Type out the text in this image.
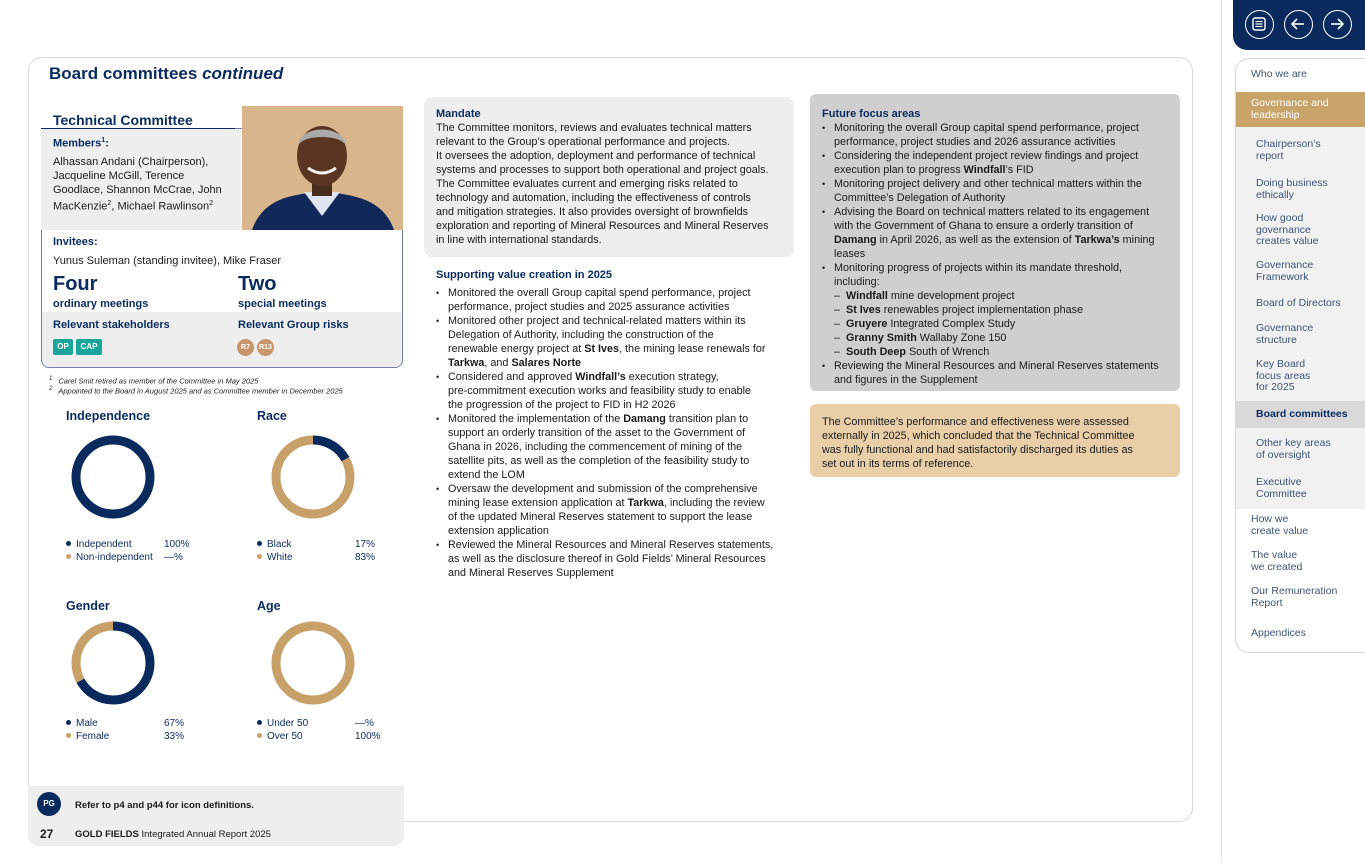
Board committees continued
Technical Committee
Members$^1$:
Alhassan Andani (Chairperson),
Jacqueline McGill, Terence
Goodlace, Shannon McCrae, John
MacKenzie$^2$, Michael Rawlinson$^2$
Invitees:
Yunus Suleman (standing invitee), Mike Fraser
Four
ordinary meetings
Two
special meetings
Relevant stakeholders	Relevant Group risks
OP	CAP	R7	R13
$^1$ Carel Smit retired as member of the Committee in May 2025
$^2$ Appointed to the Board in August 2025 and as Committee member in December 2025
Independence
Independent	100%
Non-independent —%
Race
Black	17%
White	83%
Gender
Male	67%
Female	33%
Age
Under 50	—%
Over 50	100%
PG	Refer to p4 and p44 for icon definitions.
27 GOLD FIELDS Integrated Annual Report 2025
Mandate
The Committee monitors, reviews and evaluates technical matters
relevant to the Group’s operational performance and projects.
It oversees the adoption, deployment and performance of technical
systems and processes to support both operational and project goals.
The Committee evaluates current and emerging risks related to
technology and automation, including the effectiveness of controls
and mitigation strategies. It also provides oversight of brownfields
exploration and reporting of Mineral Resources and Mineral Reserves
in line with international standards.
Supporting value creation in 2025
• Monitored the overall Group capital spend performance, project
performance, project studies and 2025 assurance activities
• Monitored other project and technical-related matters within its
Delegation of Authority, including the construction of the
renewable energy project at St Ives, the mining lease renewals for
Tarkwa, and Salares Norte
• Considered and approved Windfall’s execution strategy,
pre-commitment execution works and feasibility study to enable
the progression of the project to FID in H2 2026
• Monitored the implementation of the Damang transition plan to
support an orderly transition of the asset to the Government of
Ghana in 2026, including the commencement of mining of the
satellite pits, as well as the completion of the feasibility study to
extend the LOM
• Oversaw the development and submission of the comprehensive
mining lease extension application at Tarkwa, including the review
of the updated Mineral Reserves statement to support the lease
extension application
• Reviewed the Mineral Resources and Mineral Reserves statements,
as well as the disclosure thereof in Gold Fields’ Mineral Resources
and Mineral Reserves Supplement
Future focus areas
• Monitoring the overall Group capital spend performance, project
performance, project studies and 2026 assurance activities
• Considering the independent project review findings and project
execution plan to progress Windfall’s FID
• Monitoring project delivery and other technical matters within the
Committee’s Delegation of Authority
• Advising the Board on technical matters related to its engagement
with the Government of Ghana to ensure a orderly transition of
Damang in April 2026, as well as the extension of Tarkwa’s mining
leases
• Monitoring progress of projects within its mandate threshold,
including:
– Windfall mine development project
– St Ives renewables project implementation phase
– Gruyere Integrated Complex Study
– Granny Smith Wallaby Zone 150
– South Deep South of Wrench
• Reviewing the Mineral Resources and Mineral Reserves statements
and figures in the Supplement
The Committee’s performance and effectiveness were assessed
externally in 2025, which concluded that the Technical Committee
was fully functional and had satisfactorily discharged its duties as
set out in its terms of reference.
Who we are
Governance and
leadership
Chairperson’s
report
Doing business
ethically
How good
governance
creates value
Governance
Framework
Board of Directors
Governance
structure
Key Board
focus areas
for 2025
Board committees
Other key areas
of oversight
Executive
Committee
How we
create value
The value
we created
Our Remuneration
Report
Appendices
